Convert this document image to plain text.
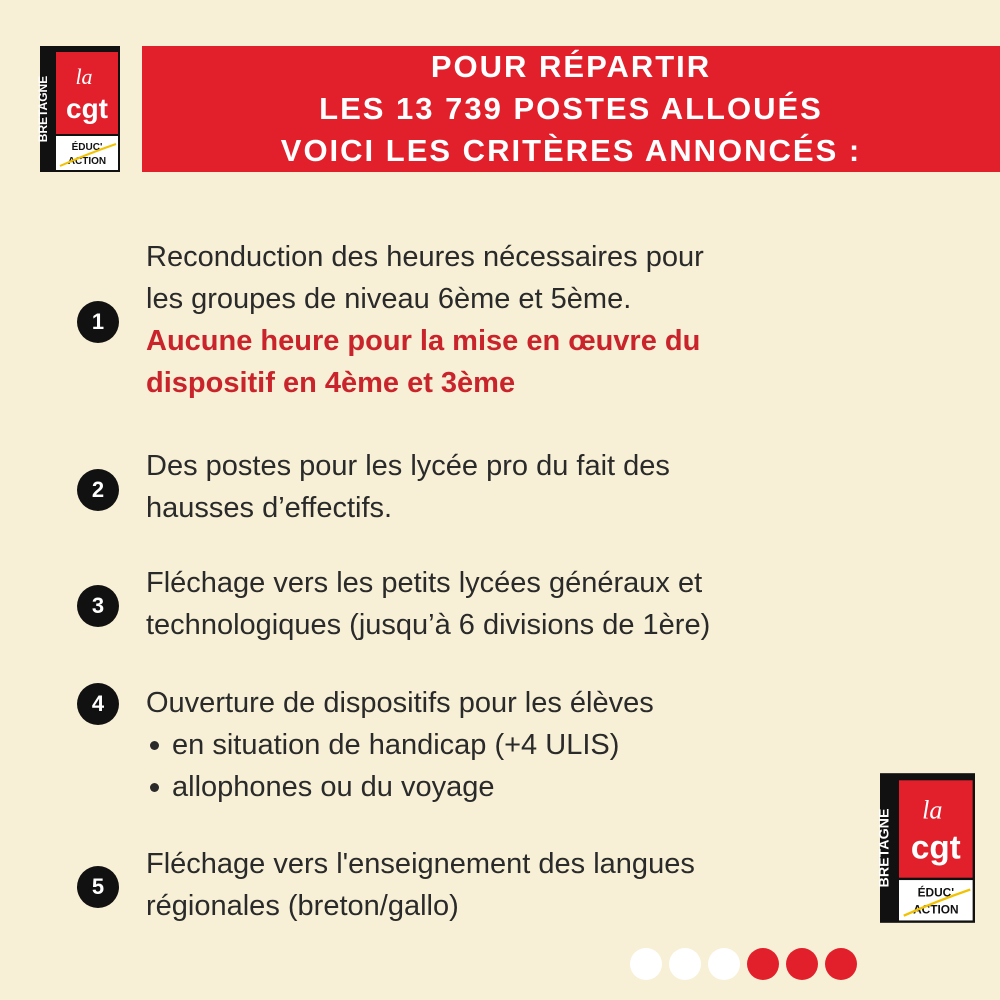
BRETAGNE la
cgt
ÉDUC'
ACTION
POUR RÉPARTIR
LES 13 739 POSTES ALLOUÉS
VOICI LES CRITÈRES ANNONCÉS :
1
Reconduction des heures nécessaires pour
les groupes de niveau 6ème et 5ème.
Aucune heure pour la mise en œuvre du
dispositif en 4ème et 3ème
2
Des postes pour les lycée pro du fait des
hausses d’effectifs.
3
Fléchage vers les petits lycées généraux et
technologiques (jusqu’à 6 divisions de 1ère)
4	Ouverture de dispositifs pour les élèves
en situation de handicap (+4 ULIS)
allophones ou du voyage
5
Fléchage vers l'enseignement des langues
régionales (breton/gallo)
BRETAGNE la
cgt
ÉDUC'
ACTION
